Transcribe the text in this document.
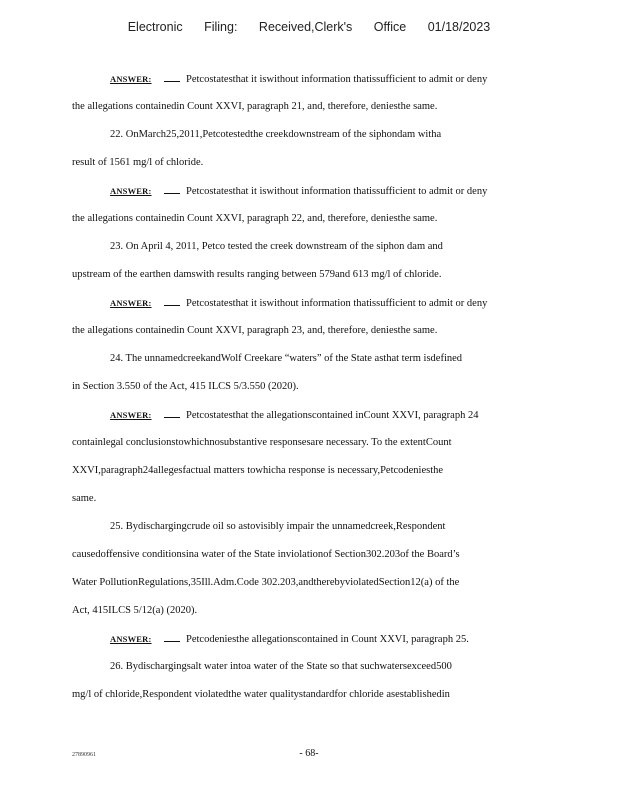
Electronic Filing: Received,Clerk's Office 01/18/2023
ANSWER:	Petcostatesthat it iswithout information thatissufficient to admit or deny
the allegations containedin Count XXVI, paragraph 21, and, therefore, deniesthe same.
22. OnMarch25,2011,Petcotestedthe creekdownstream of the siphondam witha
result of 1561 mg/l of chloride.
ANSWER:	Petcostatesthat it iswithout information thatissufficient to admit or deny
the allegations containedin Count XXVI, paragraph 22, and, therefore, deniesthe same.
23. On April 4, 2011, Petco tested the creek downstream of the siphon dam and
upstream of the earthen damswith results ranging between 579and 613 mg/l of chloride.
ANSWER:	Petcostatesthat it iswithout information thatissufficient to admit or deny
the allegations containedin Count XXVI, paragraph 23, and, therefore, deniesthe same.
24. The unnamedcreekandWolf Creekare “waters” of the State asthat term isdefined
in Section 3.550 of the Act, 415 ILCS 5/3.550 (2020).
ANSWER:	Petcostatesthat the allegationscontained inCount XXVI, paragraph 24
containlegal conclusionstowhichnosubstantive responsesare necessary. To the extentCount
XXVI,paragraph24allegesfactual matters towhicha response is necessary,Petcodeniesthe
same.
25. Bydischargingcrude oil so astovisibly impair the unnamedcreek,Respondent
causedoffensive conditionsina water of the State inviolationof Section302.203of the Board’s
Water PollutionRegulations,35Ill.Adm.Code 302.203,andtherebyviolatedSection12(a) of the
Act, 415ILCS 5/12(a) (2020).
ANSWER:	Petcodeniesthe allegationscontained in Count XXVI, paragraph 25.
26. Bydischargingsalt water intoa water of the State so that suchwatersexceed500
mg/l of chloride,Respondent violatedthe water qualitystandardfor chloride asestablishedin
27890961	- 68-
